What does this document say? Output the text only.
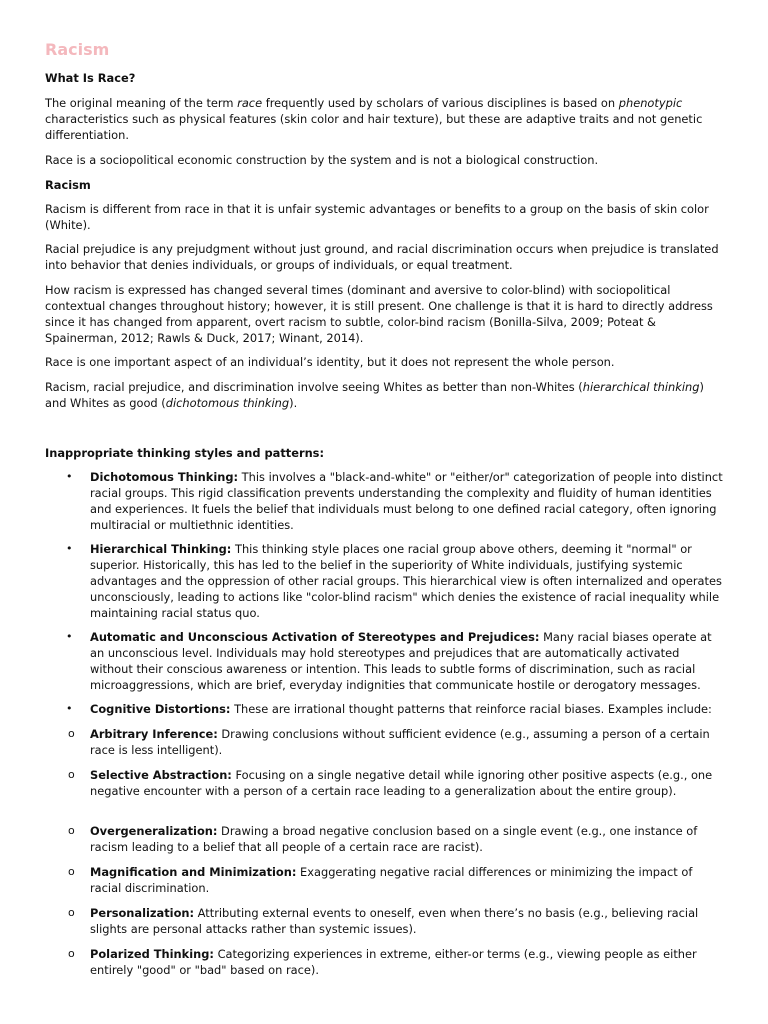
Racism

What Is Race?

The original meaning of the term race frequently used by scholars of various disciplines is based on phenotypic characteristics such as physical features (skin color and hair texture), but these are adaptive traits and not genetic differentiation.

Race is a sociopolitical economic construction by the system and is not a biological construction.

Racism

Racism is different from race in that it is unfair systemic advantages or benefits to a group on the basis of skin color (White).

Racial prejudice is any prejudgment without just ground, and racial discrimination occurs when prejudice is translated into behavior that denies individuals, or groups of individuals, or equal treatment.

How racism is expressed has changed several times (dominant and aversive to color-blind) with sociopolitical contextual changes throughout history; however, it is still present. One challenge is that it is hard to directly address since it has changed from apparent, overt racism to subtle, color-bind racism (Bonilla-Silva, 2009; Poteat & Spainerman, 2012; Rawls & Duck, 2017; Winant, 2014).

Race is one important aspect of an individual’s identity, but it does not represent the whole person.

Racism, racial prejudice, and discrimination involve seeing Whites as better than non-Whites (hierarchical thinking) and Whites as good (dichotomous thinking).

Inappropriate thinking styles and patterns:

• Dichotomous Thinking: This involves a "black-and-white" or "either/or" categorization of people into distinct racial groups. This rigid classification prevents understanding the complexity and fluidity of human identities and experiences. It fuels the belief that individuals must belong to one defined racial category, often ignoring multiracial or multiethnic identities.
• Hierarchical Thinking: This thinking style places one racial group above others, deeming it "normal" or superior. Historically, this has led to the belief in the superiority of White individuals, justifying systemic advantages and the oppression of other racial groups. This hierarchical view is often internalized and operates unconsciously, leading to actions like "color-blind racism" which denies the existence of racial inequality while maintaining racial status quo.
• Automatic and Unconscious Activation of Stereotypes and Prejudices: Many racial biases operate at an unconscious level. Individuals may hold stereotypes and prejudices that are automatically activated without their conscious awareness or intention. This leads to subtle forms of discrimination, such as racial microaggressions, which are brief, everyday indignities that communicate hostile or derogatory messages.
• Cognitive Distortions: These are irrational thought patterns that reinforce racial biases. Examples include:
o Arbitrary Inference: Drawing conclusions without sufficient evidence (e.g., assuming a person of a certain race is less intelligent).
o Selective Abstraction: Focusing on a single negative detail while ignoring other positive aspects (e.g., one negative encounter with a person of a certain race leading to a generalization about the entire group).
o Overgeneralization: Drawing a broad negative conclusion based on a single event (e.g., one instance of racism leading to a belief that all people of a certain race are racist).
o Magnification and Minimization: Exaggerating negative racial differences or minimizing the impact of racial discrimination.
o Personalization: Attributing external events to oneself, even when there’s no basis (e.g., believing racial slights are personal attacks rather than systemic issues).
o Polarized Thinking: Categorizing experiences in extreme, either-or terms (e.g., viewing people as either entirely "good" or "bad" based on race).
